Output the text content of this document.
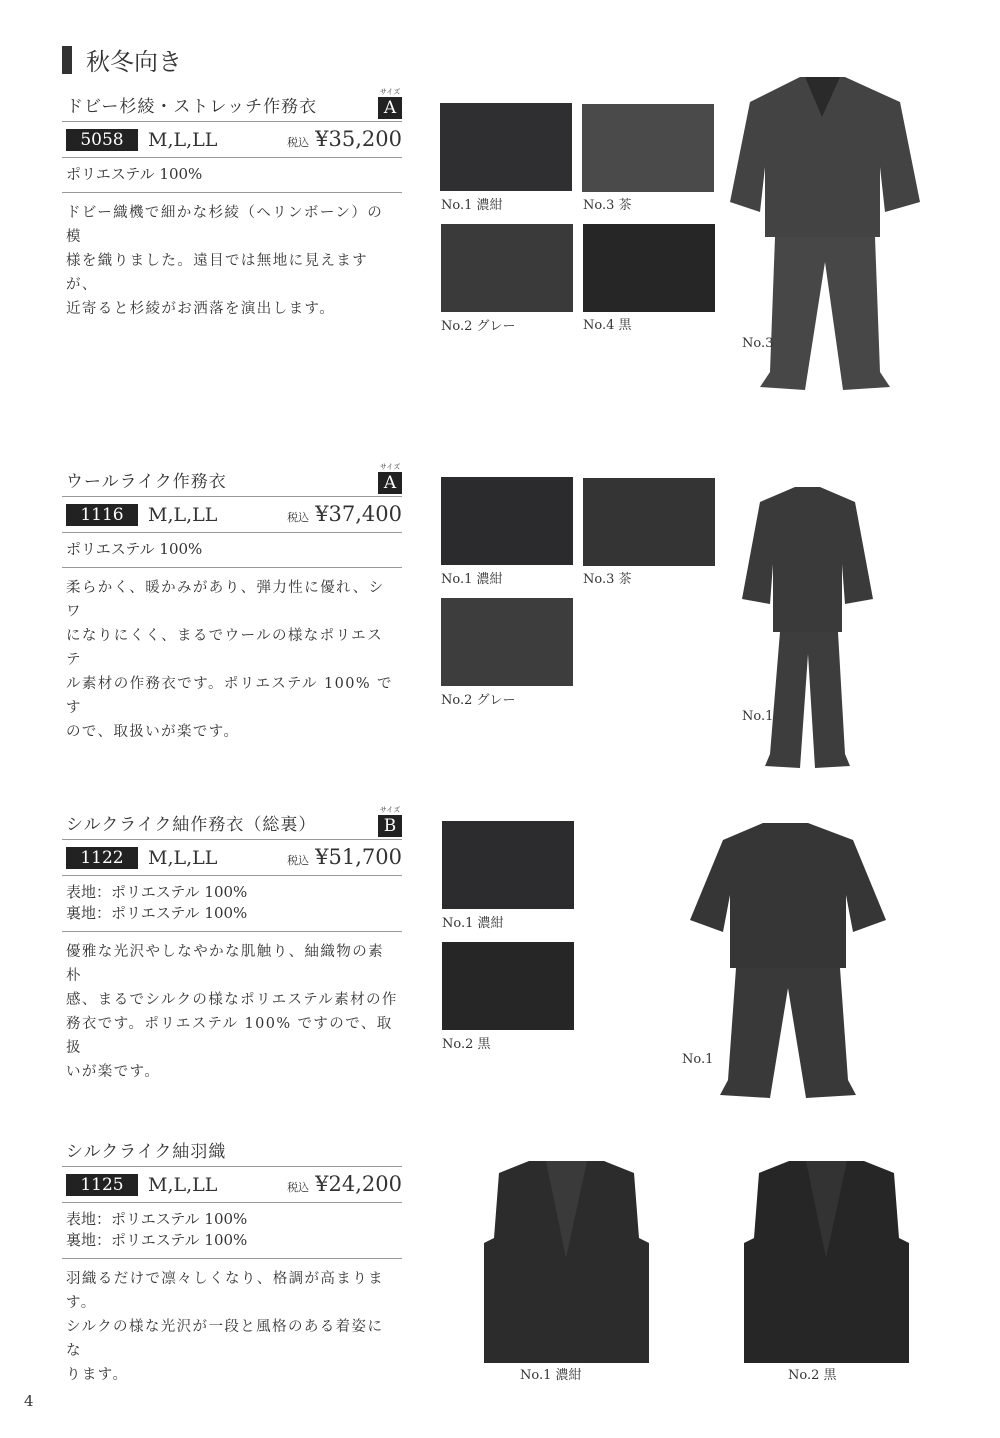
秋冬向き
ドビー杉綾・ストレッチ作務衣
サイズ
A
5058	M,L,LL	税込 ¥35,200
ポリエステル 100%
ドビー織機で細かな杉綾（ヘリンボーン）の模
様を織りました。遠目では無地に見えますが、
近寄ると杉綾がお洒落を演出します。
ウールライク作務衣
サイズ
A
1116	M,L,LL	税込 ¥37,400
ポリエステル 100%
柔らかく、暖かみがあり、弾力性に優れ、シワ
になりにくく、まるでウールの様なポリエステ
ル素材の作務衣です。ポリエステル 100% です
ので、取扱いが楽です。
シルクライク紬作務衣（総裏）
サイズ
B
1122	M,L,LL	税込 ¥51,700
表地：ポリエステル 100%
裏地：ポリエステル 100%
優雅な光沢やしなやかな肌触り、紬織物の素朴
感、まるでシルクの様なポリエステル素材の作
務衣です。ポリエステル 100% ですので、取扱
いが楽です。
シルクライク紬羽織
1125	M,L,LL	税込 ¥24,200
表地：ポリエステル 100%
裏地：ポリエステル 100%
羽織るだけで凛々しくなり、格調が高まります。
シルクの様な光沢が一段と風格のある着姿にな
ります。
No.1 濃紺	No.3 茶
No.2 グレー	No.4 黒
No.1 濃紺	No.3 茶
No.2 グレー
No.1 濃紺
No.2 黒
No.3
No.1
No.1
No.1 濃紺	No.2 黒
4
